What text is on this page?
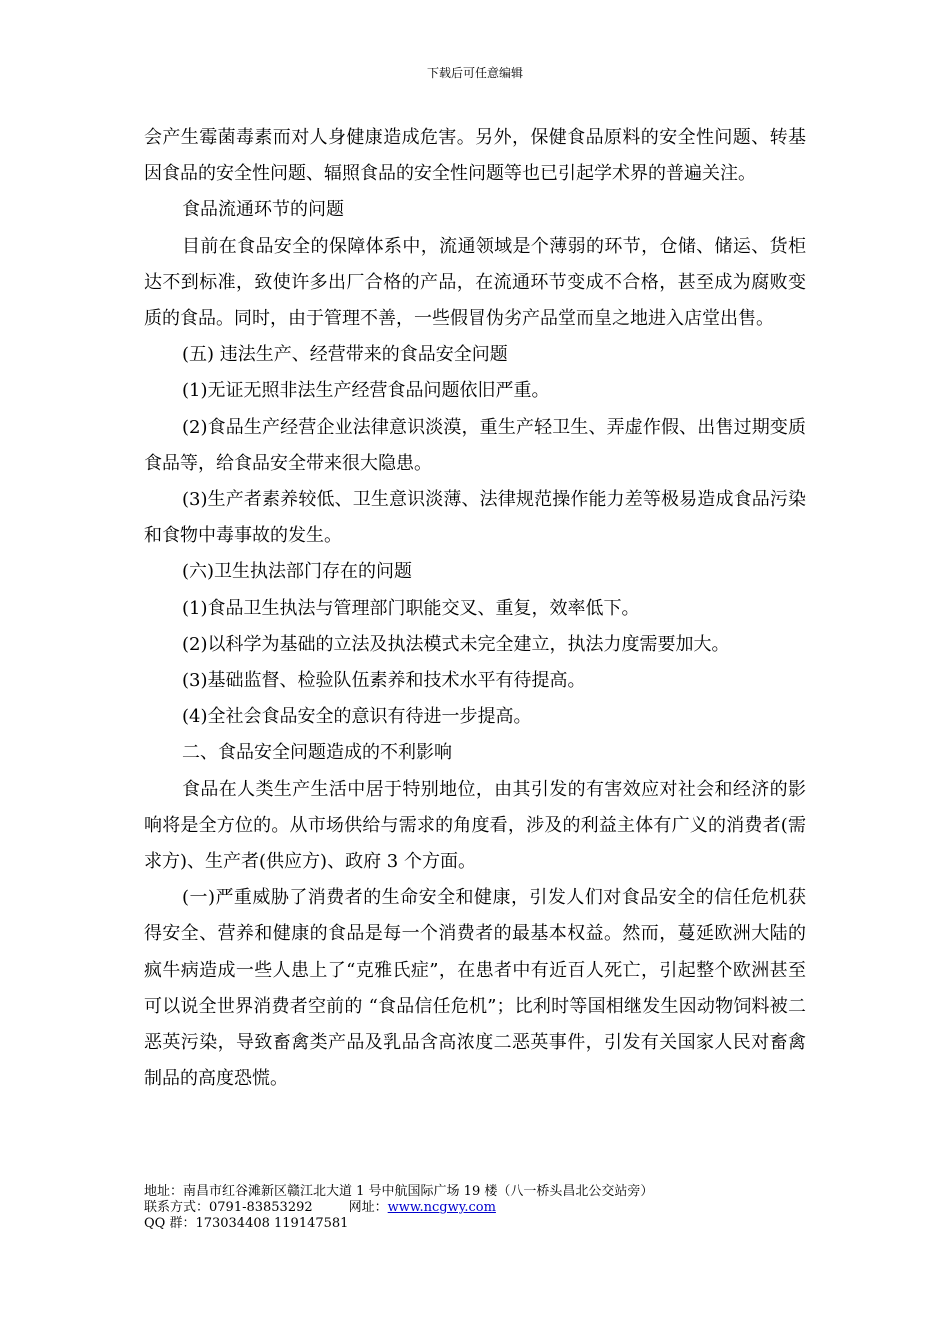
下载后可任意编辑

会产生霉菌毒素而对人身健康造成危害。另外，保健食品原料的安全性问题、转基因食品的安全性问题、辐照食品的安全性问题等也已引起学术界的普遍关注。

食品流通环节的问题

目前在食品安全的保障体系中，流通领域是个薄弱的环节，仓储、储运、货柜达不到标准，致使许多出厂合格的产品，在流通环节变成不合格，甚至成为腐败变质的食品。同时，由于管理不善，一些假冒伪劣产品堂而皇之地进入店堂出售。

(五) 违法生产、经营带来的食品安全问题

(1)无证无照非法生产经营食品问题依旧严重。

(2)食品生产经营企业法律意识淡漠，重生产轻卫生、弄虚作假、出售过期变质食品等，给食品安全带来很大隐患。

(3)生产者素养较低、卫生意识淡薄、法律规范操作能力差等极易造成食品污染和食物中毒事故的发生。

(六)卫生执法部门存在的问题

(1)食品卫生执法与管理部门职能交叉、重复，效率低下。

(2)以科学为基础的立法及执法模式未完全建立，执法力度需要加大。

(3)基础监督、检验队伍素养和技术水平有待提高。

(4)全社会食品安全的意识有待进一步提高。

二、食品安全问题造成的不利影响

食品在人类生产生活中居于特别地位，由其引发的有害效应对社会和经济的影响将是全方位的。从市场供给与需求的角度看，涉及的利益主体有广义的消费者(需求方)、生产者(供应方)、政府 3 个方面。

(一)严重威胁了消费者的生命安全和健康，引发人们对食品安全的信任危机获得安全、营养和健康的食品是每一个消费者的最基本权益。然而，蔓延欧洲大陆的疯牛病造成一些人患上了“克雅氏症”，在患者中有近百人死亡，引起整个欧洲甚至可以说全世界消费者空前的 “食品信任危机”；比利时等国相继发生因动物饲料被二恶英污染，导致畜禽类产品及乳品含高浓度二恶英事件，引发有关国家人民对畜禽制品的高度恐慌。

地址：南昌市红谷滩新区赣江北大道 1 号中航国际广场 19 楼（八一桥头昌北公交站旁）
联系方式：0791-83853292	网址：www.ncgwy.com
QQ 群：173034408 119147581
